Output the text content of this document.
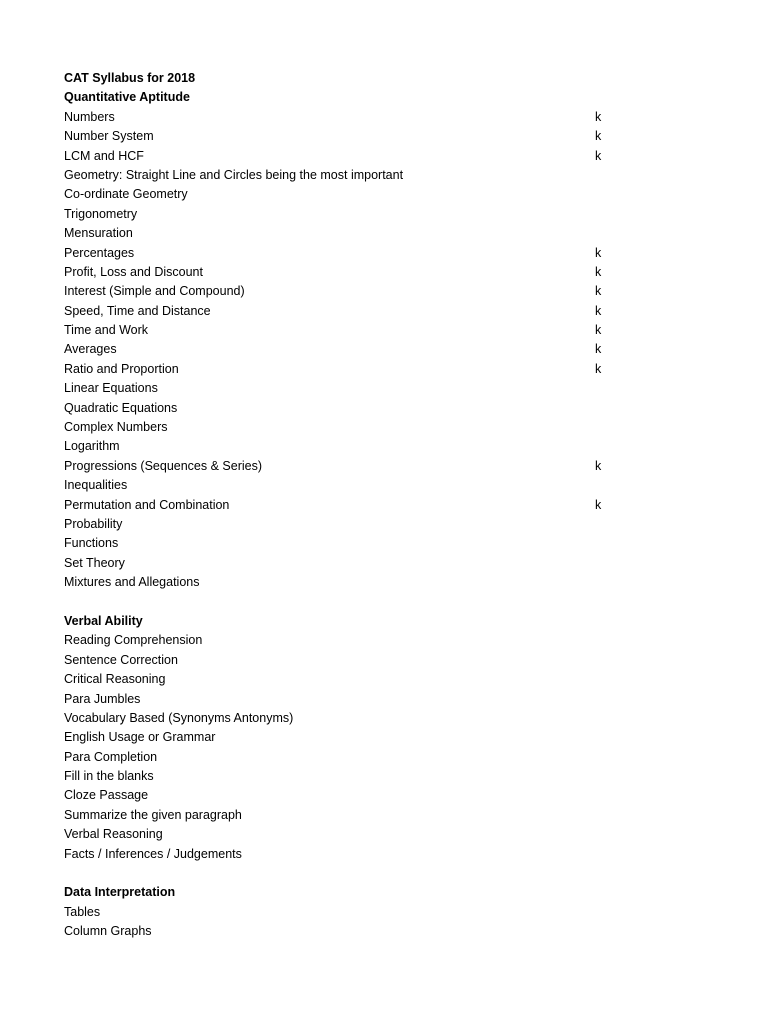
CAT Syllabus for 2018
Quantitative Aptitude
Numbers	k
Number System	k
LCM and HCF	k
Geometry: Straight Line and Circles being the most important
Co-ordinate Geometry
Trigonometry
Mensuration
Percentages	k
Profit, Loss and Discount	k
Interest (Simple and Compound)	k
Speed, Time and Distance	k
Time and Work	k
Averages	k
Ratio and Proportion	k
Linear Equations
Quadratic Equations
Complex Numbers
Logarithm
Progressions (Sequences & Series)	k
Inequalities
Permutation and Combination	k
Probability
Functions
Set Theory
Mixtures and Allegations
Verbal Ability
Reading Comprehension
Sentence Correction
Critical Reasoning
Para Jumbles
Vocabulary Based (Synonyms Antonyms)
English Usage or Grammar
Para Completion
Fill in the blanks
Cloze Passage
Summarize the given paragraph
Verbal Reasoning
Facts / Inferences / Judgements
Data Interpretation
Tables
Column Graphs
